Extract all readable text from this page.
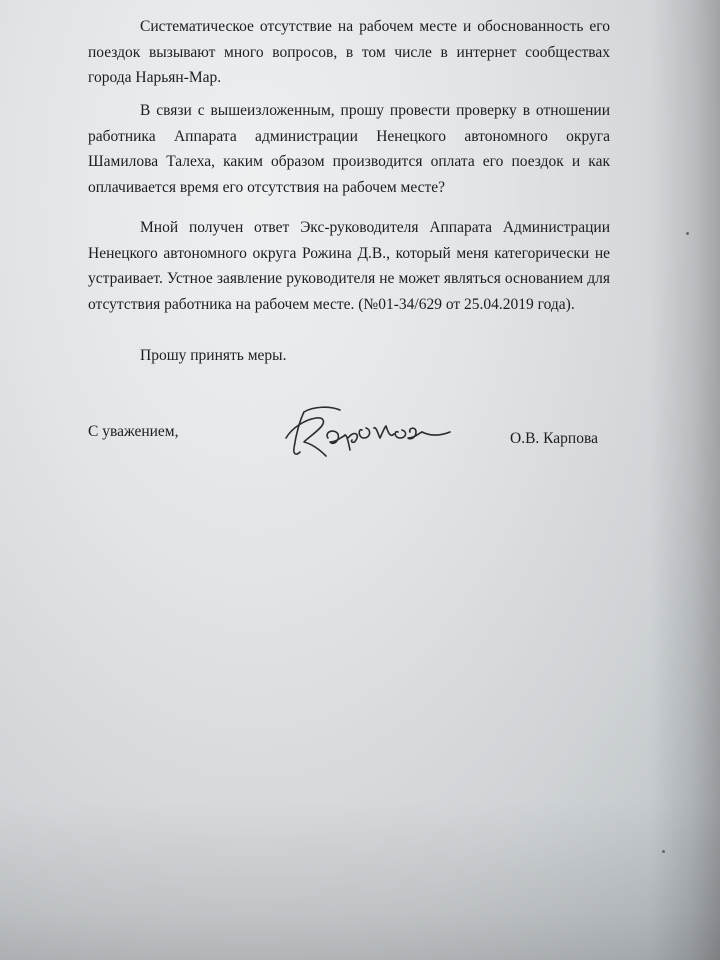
Систематическое отсутствие на рабочем месте и обоснованность его поездок вызывают много вопросов, в том числе в интернет сообществах города Нарьян-Мар.

В связи с вышеизложенным, прошу провести проверку в отношении работника Аппарата администрации Ненецкого автономного округа Шамилова Талеха, каким образом производится оплата его поездок и как оплачивается время его отсутствия на рабочем месте?

Мной получен ответ Экс-руководителя Аппарата Администрации Ненецкого автономного округа Рожина Д.В., который меня категорически не устраивает. Устное заявление руководителя не может являться основанием для отсутствия работника на рабочем месте. (№01-34/629 от 25.04.2019 года).

Прошу принять меры.

С уважением,	О.В. Карпова
